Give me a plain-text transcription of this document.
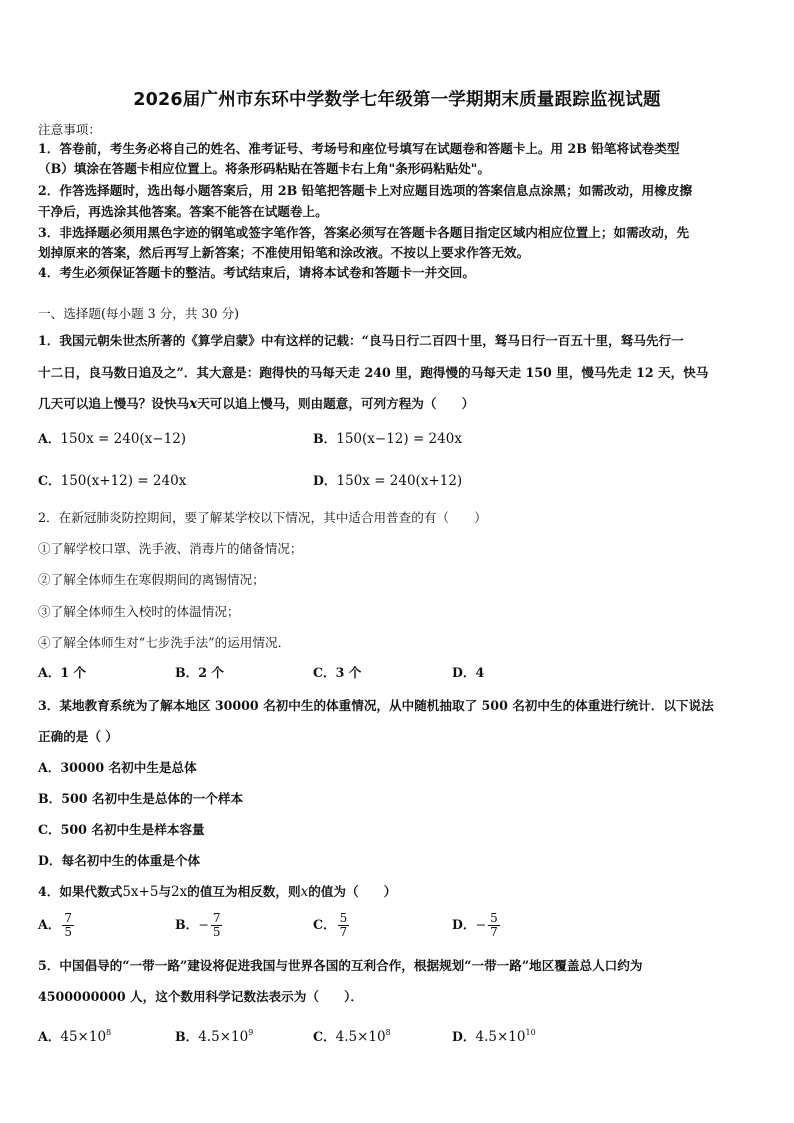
2026届广州市东环中学数学七年级第一学期期末质量跟踪监视试题
注意事项：
1．答卷前，考生务必将自己的姓名、准考证号、考场号和座位号填写在试题卷和答题卡上。用 2B 铅笔将试卷类型
（B）填涂在答题卡相应位置上。将条形码粘贴在答题卡右上角"条形码粘贴处"。
2．作答选择题时，选出每小题答案后，用 2B 铅笔把答题卡上对应题目选项的答案信息点涂黑；如需改动，用橡皮擦
干净后，再选涂其他答案。答案不能答在试题卷上。
3．非选择题必须用黑色字迹的钢笔或签字笔作答，答案必须写在答题卡各题目指定区域内相应位置上；如需改动，先
划掉原来的答案，然后再写上新答案；不准使用铅笔和涂改液。不按以上要求作答无效。
4．考生必须保证答题卡的整洁。考试结束后，请将本试卷和答题卡一并交回。
一、选择题(每小题 3 分，共 30 分)
1．我国元朝朱世杰所著的《算学启蒙》中有这样的记载：“良马日行二百四十里，驽马日行一百五十里，驽马先行一
十二日，良马数日追及之”．其大意是：跑得快的马每天走 240 里，跑得慢的马每天走 150 里，慢马先走 12 天，快马
几天可以追上慢马？设快马x天可以追上慢马，则由题意，可列方程为（　　）
A．150x = 240(x−12)	B．150(x−12) = 240x
C．150(x+12) = 240x	D．150x = 240(x+12)
2．在新冠肺炎防控期间，要了解某学校以下情况，其中适合用普查的有（　　）
①了解学校口罩、洗手液、消毒片的储备情况；
②了解全体师生在寒假期间的离锡情况；
③了解全体师生入校时的体温情况；
④了解全体师生对“七步洗手法”的运用情况．
A．1 个	B．2 个	C．3 个	D．4
3．某地教育系统为了解本地区 30000 名初中生的体重情况，从中随机抽取了 500 名初中生的体重进行统计．以下说法
正确的是（ ）
A．30000 名初中生是总体
B．500 名初中生是总体的一个样本
C．500 名初中生是样本容量
D．每名初中生的体重是个体
4．如果代数式5x+5与2x的值互为相反数，则x的值为（　　）
A． $\frac{7}{5}$	B．− $\frac{7}{5}$	C． $\frac{5}{7}$	D．− $\frac{5}{7}$
5．中国倡导的“一带一路”建设将促进我国与世界各国的互利合作，根据规划“一带一路”地区覆盖总人口约为
4500000000 人，这个数用科学记数法表示为（　　）．
A．$45\times 10^8$	B．$4.5\times 10^9$	C．$4.5\times 10^8$	D．$4.5\times 10^{10}$
